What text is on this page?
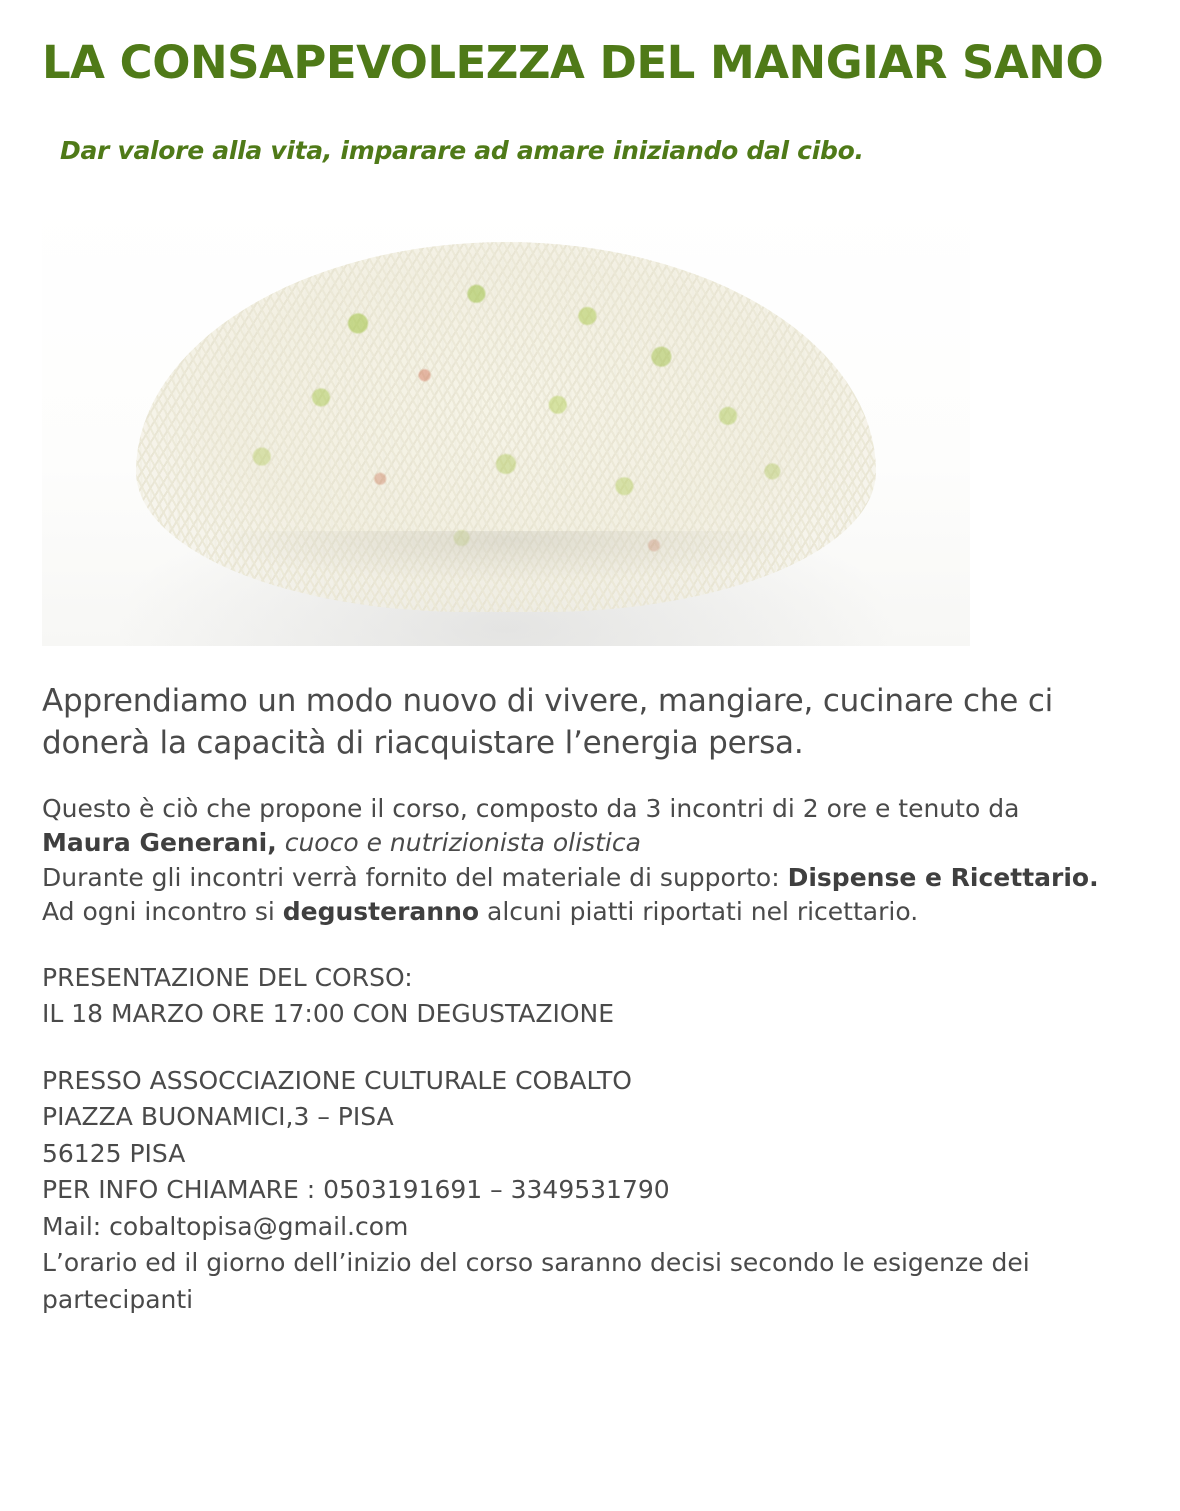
LA CONSAPEVOLEZZA DEL MANGIAR SANO

Dar valore alla vita, imparare ad amare iniziando dal cibo.

Apprendiamo un modo nuovo di vivere, mangiare, cucinare che ci donerà la capacità di riacquistare l’energia persa.

Questo è ciò che propone il corso, composto da 3 incontri di 2 ore e tenuto da

Maura Generani, cuoco e nutrizionista olistica

Durante gli incontri verrà fornito del materiale di supporto: Dispense e Ricettario.

Ad ogni incontro si degusteranno alcuni piatti riportati nel ricettario.

PRESENTAZIONE DEL CORSO:

IL 18 MARZO ORE 17:00 CON DEGUSTAZIONE

PRESSO ASSOCCIAZIONE CULTURALE COBALTO

PIAZZA BUONAMICI,3 – PISA

56125 PISA

PER INFO CHIAMARE : 0503191691 – 3349531790

Mail: cobaltopisa@gmail.com

L’orario ed il giorno dell’inizio del corso saranno decisi secondo le esigenze dei partecipanti
